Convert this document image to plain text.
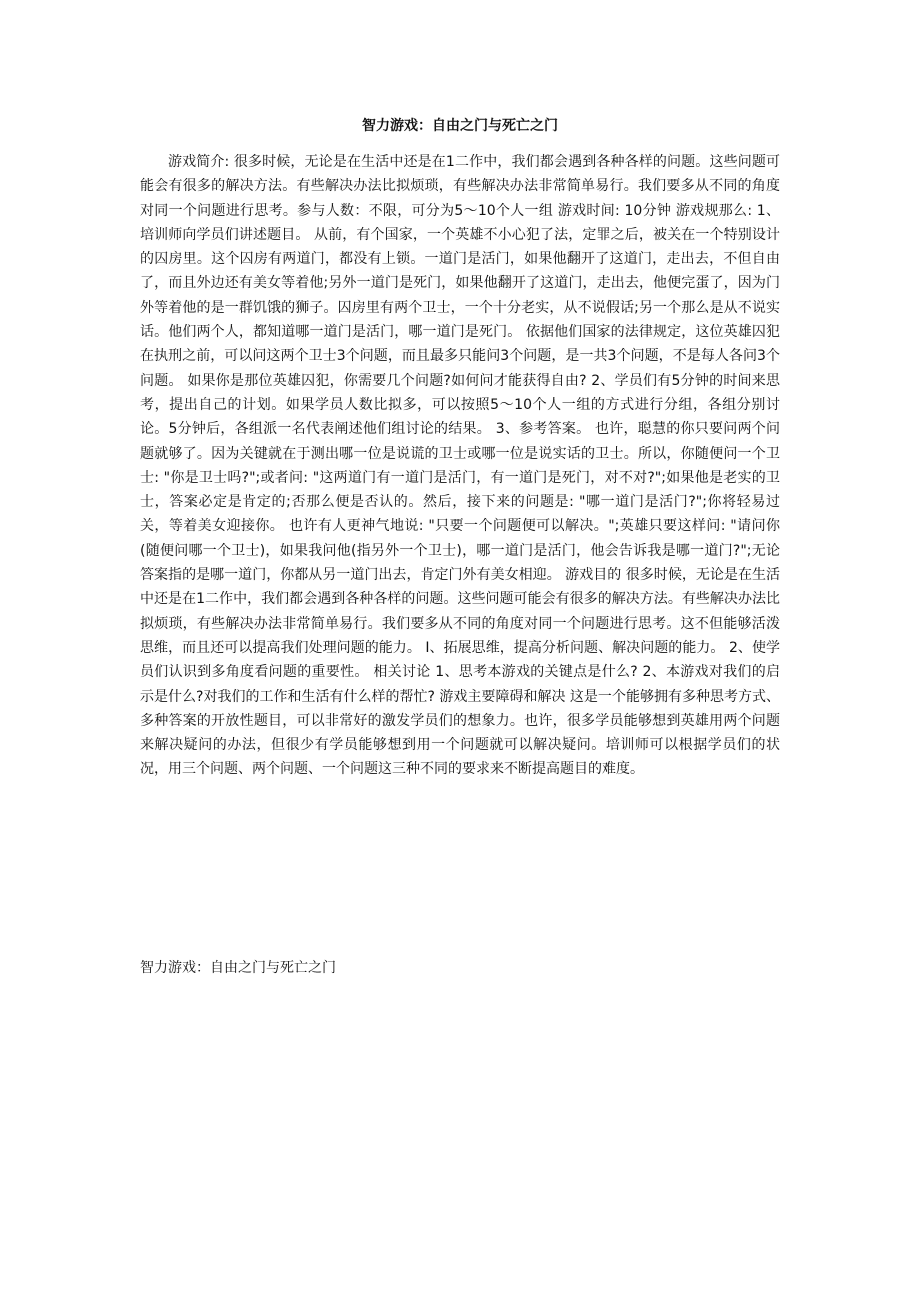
智力游戏：自由之门与死亡之门

游戏简介: 很多时候，无论是在生活中还是在1二作中，我们都会遇到各种各样的问题。这些问题可能会有很多的解决方法。有些解决办法比拟烦琐，有些解决办法非常简单易行。我们要多从不同的角度对同一个问题进行思考。参与人数：不限，可分为5～10个人一组 游戏时间: 10分钟 游戏规那么: 1、培训师向学员们讲述题目。 从前，有个国家，一个英雄不小心犯了法，定罪之后，被关在一个特别设计的囚房里。这个囚房有两道门，都没有上锁。一道门是活门，如果他翻开了这道门，走出去，不但自由了，而且外边还有美女等着他;另外一道门是死门，如果他翻开了这道门，走出去，他便完蛋了，因为门外等着他的是一群饥饿的狮子。囚房里有两个卫士，一个十分老实，从不说假话;另一个那么是从不说实话。他们两个人，都知道哪一道门是活门，哪一道门是死门。 依据他们国家的法律规定，这位英雄囚犯在执刑之前，可以问这两个卫士3个问题，而且最多只能问3个问题，是一共3个问题，不是每人各问3个问题。 如果你是那位英雄囚犯，你需要几个问题?如何问才能获得自由? 2、学员们有5分钟的时间来思考，提出自己的计划。如果学员人数比拟多，可以按照5～10个人一组的方式进行分组，各组分别讨论。5分钟后，各组派一名代表阐述他们组讨论的结果。 3、参考答案。 也许，聪慧的你只要问两个问题就够了。因为关键就在于测出哪一位是说谎的卫士或哪一位是说实话的卫士。所以，你随便问一个卫士: "你是卫士吗?";或者问: "这两道门有一道门是活门，有一道门是死门，对不对?";如果他是老实的卫士，答案必定是肯定的;否那么便是否认的。然后，接下来的问题是: "哪一道门是活门?";你将轻易过关，等着美女迎接你。 也许有人更神气地说: "只要一个问题便可以解决。";英雄只要这样问: "请问你(随便问哪一个卫士)，如果我问他(指另外一个卫士)，哪一道门是活门，他会告诉我是哪一道门?";无论答案指的是哪一道门，你都从另一道门出去，肯定门外有美女相迎。 游戏目的 很多时候，无论是在生活中还是在1二作中，我们都会遇到各种各样的问题。这些问题可能会有很多的解决方法。有些解决办法比拟烦琐，有些解决办法非常简单易行。我们要多从不同的角度对同一个问题进行思考。这不但能够活泼思维，而且还可以提高我们处理问题的能力。 I、拓展思维，提高分析问题、解决问题的能力。 2、使学员们认识到多角度看问题的重要性。 相关讨论 1、思考本游戏的关键点是什么? 2、本游戏对我们的启示是什么?对我们的工作和生活有什么样的帮忙? 游戏主要障碍和解决 这是一个能够拥有多种思考方式、多种答案的开放性题目，可以非常好的激发学员们的想象力。也许，很多学员能够想到英雄用两个问题来解决疑问的办法，但很少有学员能够想到用一个问题就可以解决疑问。培训师可以根据学员们的状况，用三个问题、两个问题、一个问题这三种不同的要求来不断提高题目的难度。

智力游戏：自由之门与死亡之门
